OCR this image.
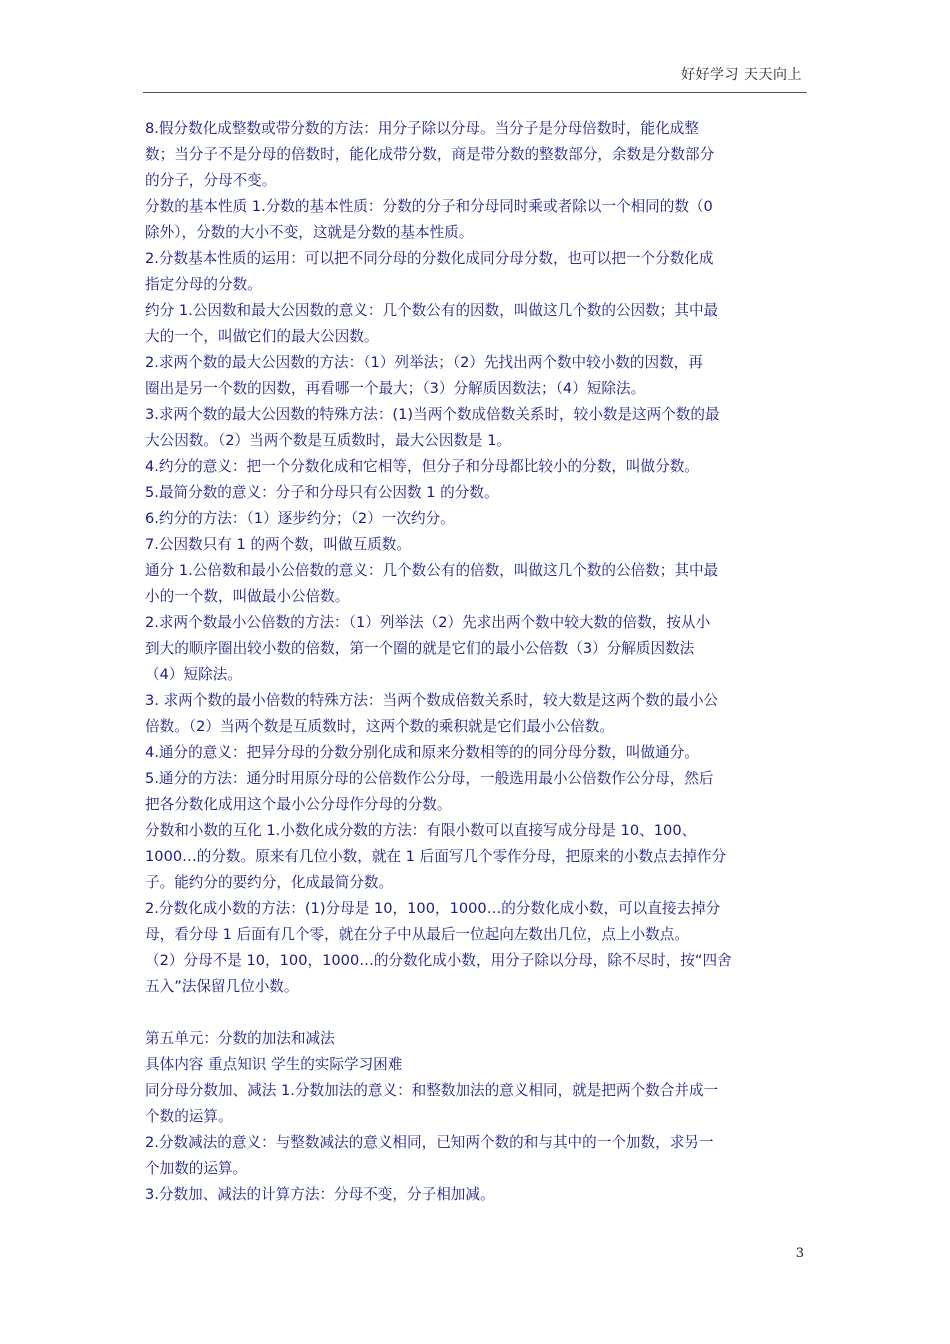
好好学习 天天向上

8.假分数化成整数或带分数的方法：用分子除以分母。当分子是分母倍数时，能化成整

数；当分子不是分母的倍数时，能化成带分数，商是带分数的整数部分，余数是分数部分

的分子，分母不变。

分数的基本性质 1.分数的基本性质：分数的分子和分母同时乘或者除以一个相同的数（0

除外），分数的大小不变，这就是分数的基本性质。

2.分数基本性质的运用：可以把不同分母的分数化成同分母分数，也可以把一个分数化成

指定分母的分数。

约分 1.公因数和最大公因数的意义：几个数公有的因数，叫做这几个数的公因数；其中最

大的一个，叫做它们的最大公因数。

2.求两个数的最大公因数的方法：（1）列举法；（2）先找出两个数中较小数的因数，再

圈出是另一个数的因数，再看哪一个最大；（3）分解质因数法；（4）短除法。

3.求两个数的最大公因数的特殊方法：(1)当两个数成倍数关系时，较小数是这两个数的最

大公因数。（2）当两个数是互质数时，最大公因数是 1。

4.约分的意义：把一个分数化成和它相等，但分子和分母都比较小的分数，叫做分数。

5.最简分数的意义：分子和分母只有公因数 1 的分数。

6.约分的方法：（1）逐步约分；（2）一次约分。

7.公因数只有 1 的两个数，叫做互质数。

通分 1.公倍数和最小公倍数的意义：几个数公有的倍数，叫做这几个数的公倍数；其中最

小的一个数，叫做最小公倍数。

2.求两个数最小公倍数的方法：（1）列举法（2）先求出两个数中较大数的倍数，按从小

到大的顺序圈出较小数的倍数，第一个圈的就是它们的最小公倍数（3）分解质因数法

（4）短除法。

3. 求两个数的最小倍数的特殊方法：当两个数成倍数关系时，较大数是这两个数的最小公

倍数。（2）当两个数是互质数时，这两个数的乘积就是它们最小公倍数。

4.通分的意义：把异分母的分数分别化成和原来分数相等的的同分母分数，叫做通分。

5.通分的方法：通分时用原分母的公倍数作公分母，一般选用最小公倍数作公分母，然后

把各分数化成用这个最小公分母作分母的分数。

分数和小数的互化 1.小数化成分数的方法：有限小数可以直接写成分母是 10、100、

1000…的分数。原来有几位小数，就在 1 后面写几个零作分母，把原来的小数点去掉作分

子。能约分的要约分，化成最简分数。

2.分数化成小数的方法：(1)分母是 10，100，1000…的分数化成小数，可以直接去掉分

母，看分母 1 后面有几个零，就在分子中从最后一位起向左数出几位，点上小数点。

（2）分母不是 10，100，1000…的分数化成小数，用分子除以分母，除不尽时，按“四舍

五入”法保留几位小数。

第五单元：分数的加法和减法

具体内容 重点知识 学生的实际学习困难

同分母分数加、减法 1.分数加法的意义：和整数加法的意义相同，就是把两个数合并成一

个数的运算。

2.分数减法的意义：与整数减法的意义相同，已知两个数的和与其中的一个加数，求另一

个加数的运算。

3.分数加、减法的计算方法：分母不变，分子相加减。

3
